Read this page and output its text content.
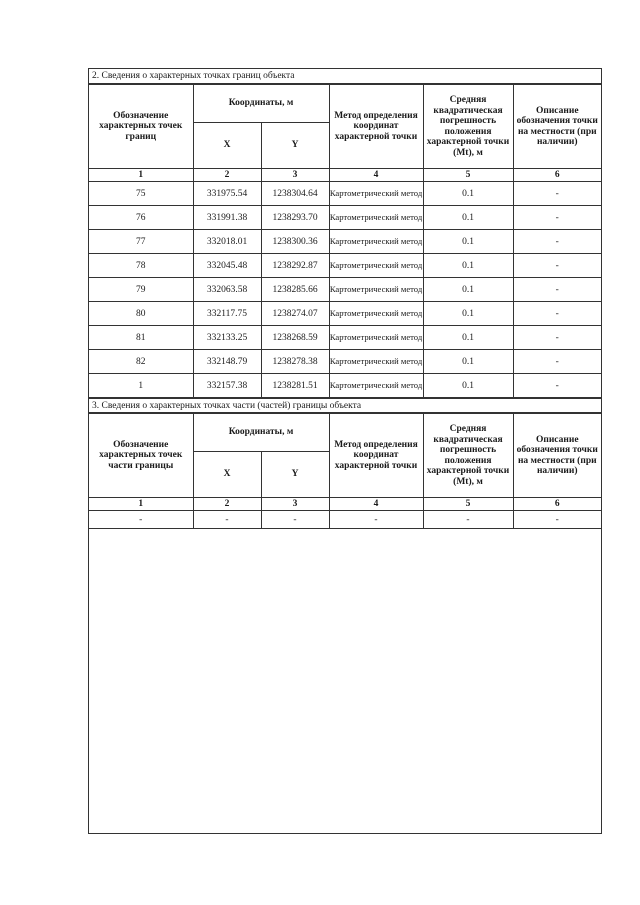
2. Сведения о характерных точках границ объекта
Обозначение характерных точек границ	Координаты, м		Метод определения координат характерной точки	Средняя квадратическая погрешность положения характерной точки (Mt), м	Описание обозначения точки на местности (при наличии)
	X	Y			
1	2	3	4	5	6
75	331975.54	1238304.64	Картометрический метод	0.1	-
76	331991.38	1238293.70	Картометрический метод	0.1	-
77	332018.01	1238300.36	Картометрический метод	0.1	-
78	332045.48	1238292.87	Картометрический метод	0.1	-
79	332063.58	1238285.66	Картометрический метод	0.1	-
80	332117.75	1238274.07	Картометрический метод	0.1	-
81	332133.25	1238268.59	Картометрический метод	0.1	-
82	332148.79	1238278.38	Картометрический метод	0.1	-
1	332157.38	1238281.51	Картометрический метод	0.1	-
3. Сведения о характерных точках части (частей) границы объекта
Обозначение характерных точек части границы	Координаты, м		Метод определения координат характерной точки	Средняя квадратическая погрешность положения характерной точки (Mt), м	Описание обозначения точки на местности (при наличии)
	X	Y			
1	2	3	4	5	6
-	-	-	-	-	-
